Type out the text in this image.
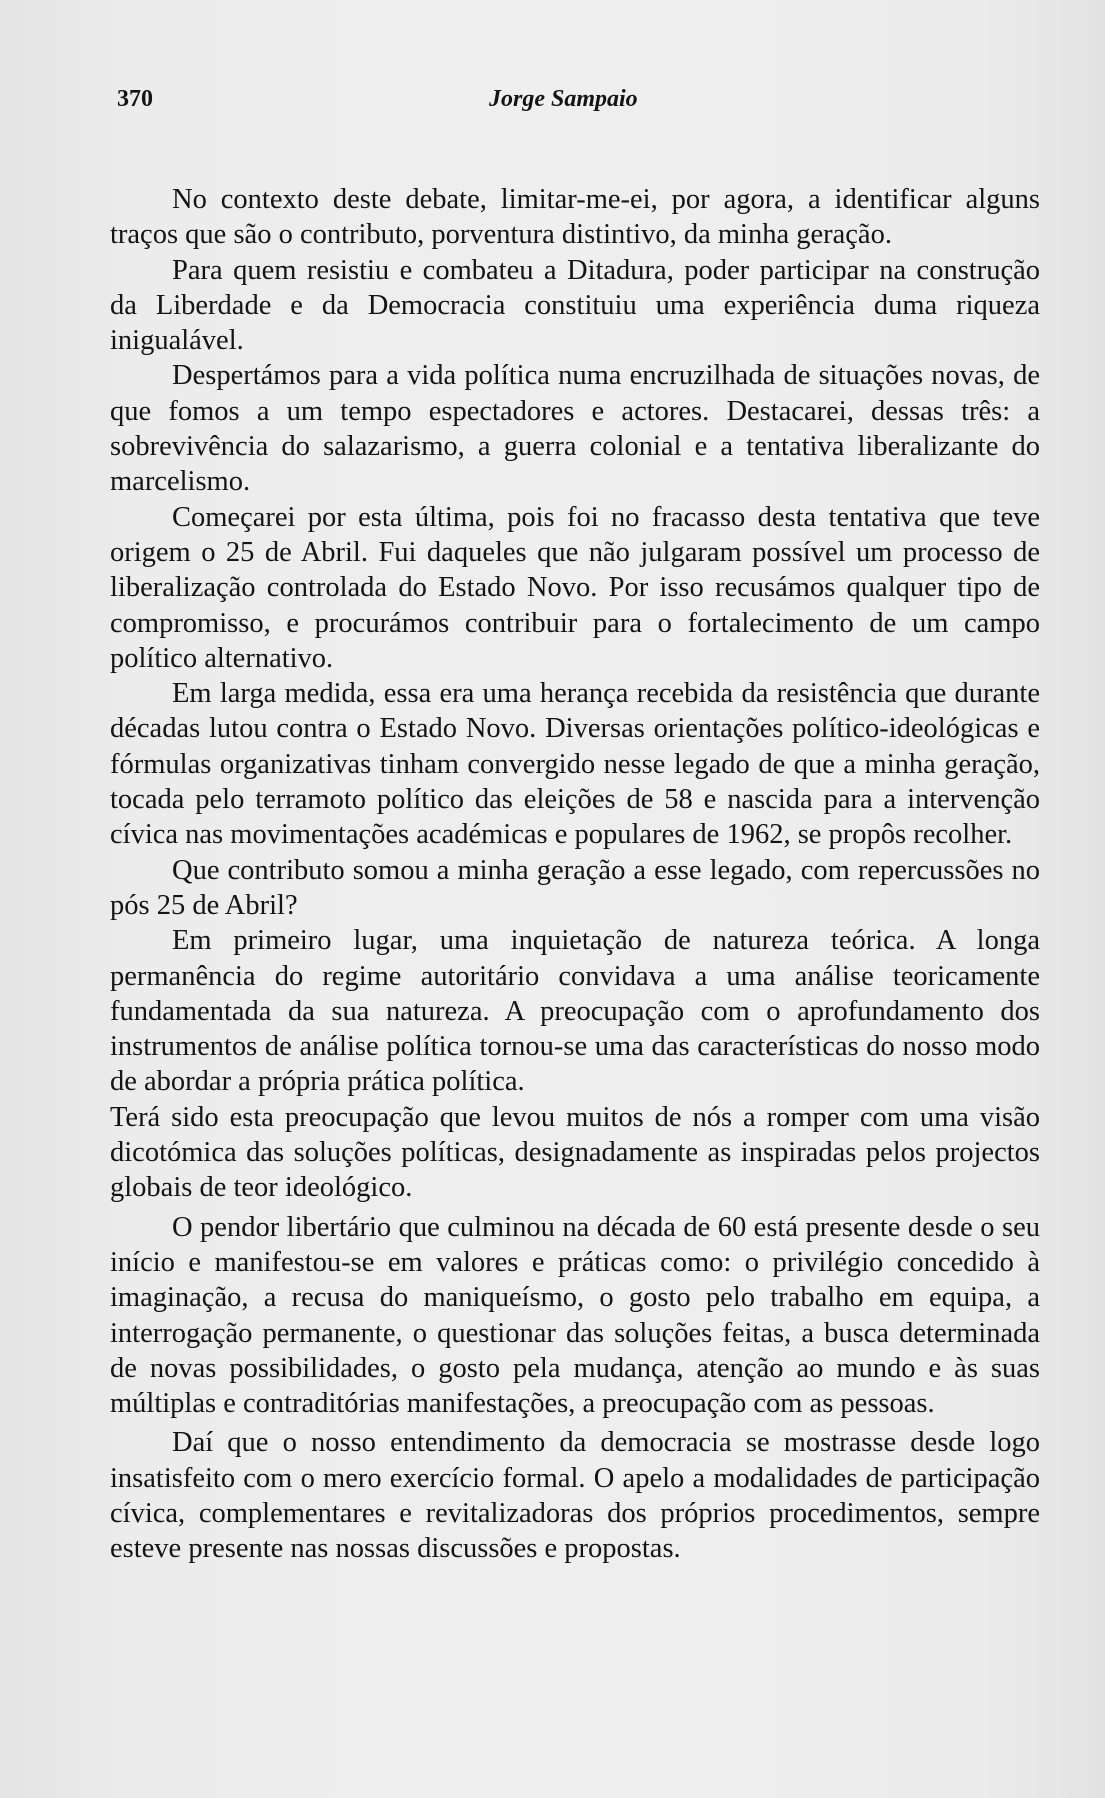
370	Jorge Sampaio

No contexto deste debate, limitar-me-ei, por agora, a identificar alguns traços que são o contributo, porventura distintivo, da minha geração.

Para quem resistiu e combateu a Ditadura, poder participar na construção da Liberdade e da Democracia constituiu uma experiência duma riqueza inigualável.

Despertámos para a vida política numa encruzilhada de situações novas, de que fomos a um tempo espectadores e actores. Destacarei, dessas três: a sobrevivência do salazarismo, a guerra colonial e a tentativa liberalizante do marcelismo.

Começarei por esta última, pois foi no fracasso desta tentativa que teve origem o 25 de Abril. Fui daqueles que não julgaram possível um processo de liberalização controlada do Estado Novo. Por isso recusámos qualquer tipo de compromisso, e procurámos contribuir para o fortalecimento de um campo político alternativo.

Em larga medida, essa era uma herança recebida da resistência que durante décadas lutou contra o Estado Novo. Diversas orientações político-ideológicas e fórmulas organizativas tinham convergido nesse legado de que a minha geração, tocada pelo terramoto político das eleições de 58 e nascida para a intervenção cívica nas movimentações académicas e populares de 1962, se propôs recolher.

Que contributo somou a minha geração a esse legado, com repercussões no pós 25 de Abril?

Em primeiro lugar, uma inquietação de natureza teórica. A longa permanência do regime autoritário convidava a uma análise teoricamente fundamentada da sua natureza. A preocupação com o aprofundamento dos instrumentos de análise política tornou-se uma das características do nosso modo de abordar a própria prática política.

Terá sido esta preocupação que levou muitos de nós a romper com uma visão dicotómica das soluções políticas, designadamente as inspiradas pelos projectos globais de teor ideológico.

O pendor libertário que culminou na década de 60 está presente desde o seu início e manifestou-se em valores e práticas como: o privilégio concedido à imaginação, a recusa do maniqueísmo, o gosto pelo trabalho em equipa, a interrogação permanente, o questionar das soluções feitas, a busca determinada de novas possibilidades, o gosto pela mudança, atenção ao mundo e às suas múltiplas e contraditórias manifestações, a preocupação com as pessoas.

Daí que o nosso entendimento da democracia se mostrasse desde logo insatisfeito com o mero exercício formal. O apelo a modalidades de participação cívica, complementares e revitalizadoras dos próprios procedimentos, sempre esteve presente nas nossas discussões e propostas.
